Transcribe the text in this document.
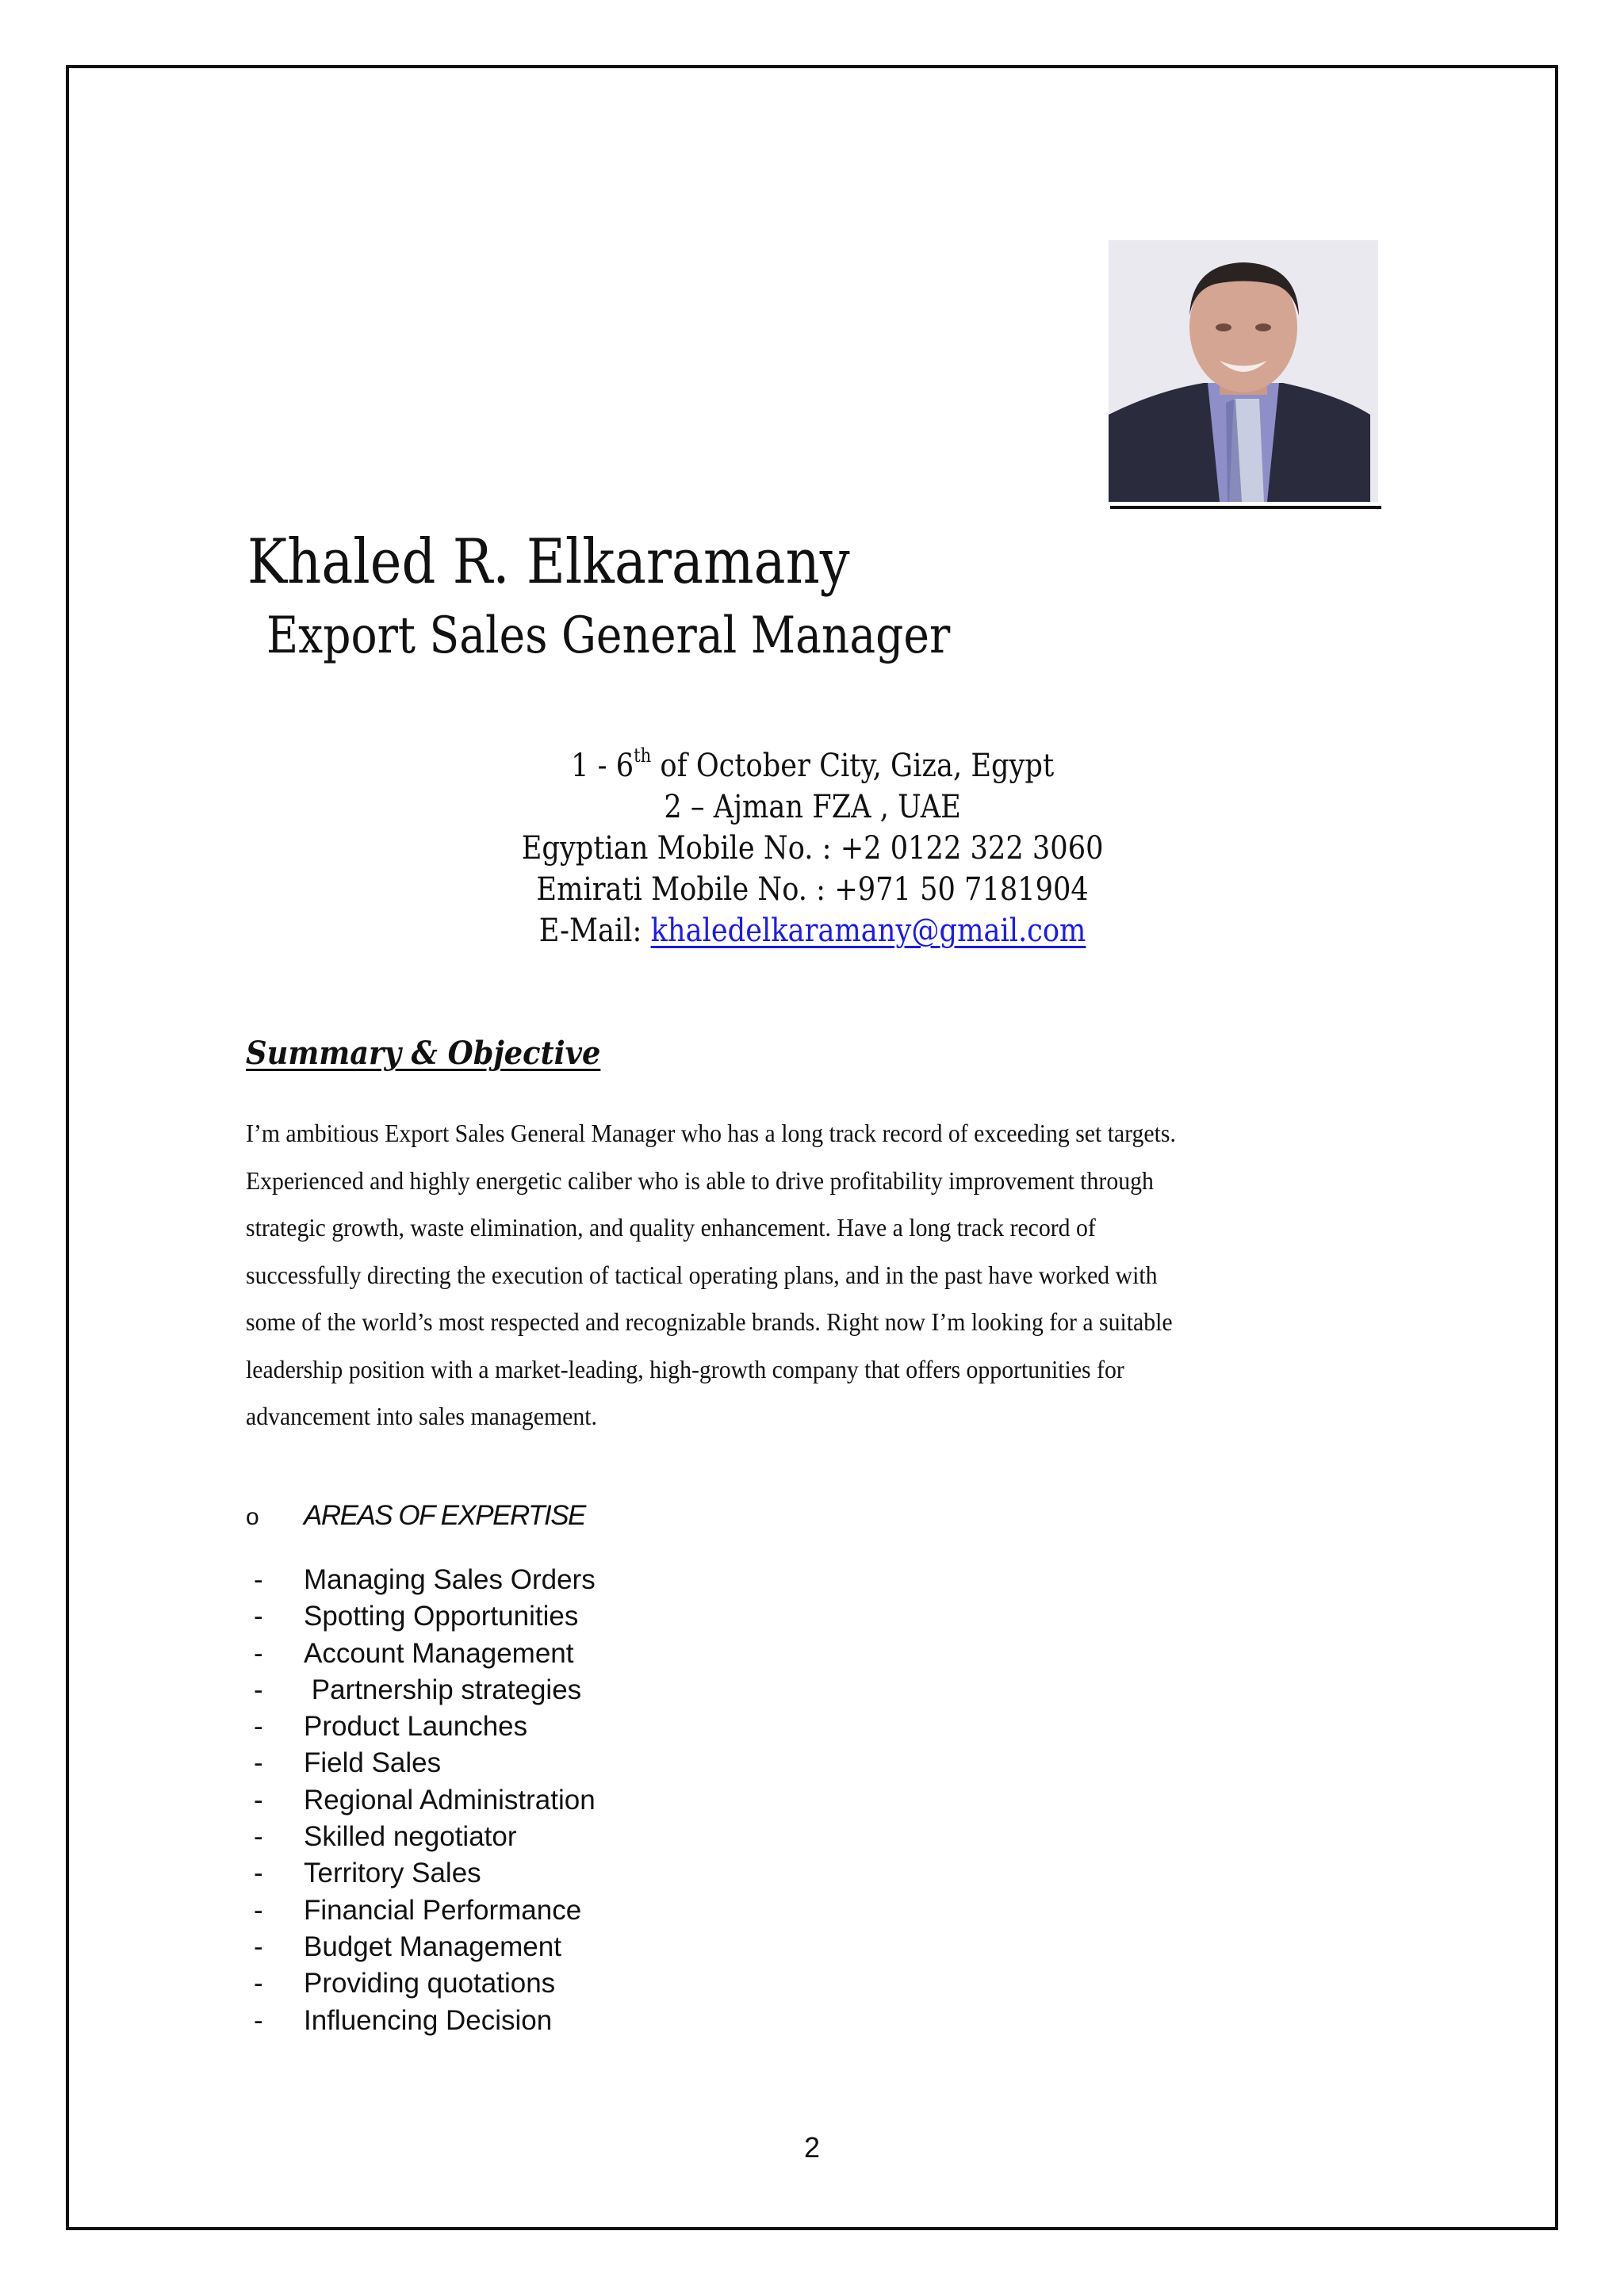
Khaled R. Elkaramany
Export Sales General Manager
1 - 6th of October City, Giza, Egypt
2 – Ajman FZA , UAE
Egyptian Mobile No. : +2 0122 322 3060
Emirati Mobile No. : +971 50 7181904
E-Mail: khaledelkaramany@gmail.com
Summary & Objective
I’m ambitious Export Sales General Manager who has a long track record of exceeding set targets.
Experienced and highly energetic caliber who is able to drive profitability improvement through
strategic growth, waste elimination, and quality enhancement. Have a long track record of
successfully directing the execution of tactical operating plans, and in the past have worked with
some of the world’s most respected and recognizable brands. Right now I’m looking for a suitable
leadership position with a market-leading, high-growth company that offers opportunities for
advancement into sales management.
o	AREAS OF EXPERTISE
-	Managing Sales Orders
-	Spotting Opportunities
-	Account Management
-	Partnership strategies
-	Product Launches
-	Field Sales
-	Regional Administration
-	Skilled negotiator
-	Territory Sales
-	Financial Performance
-	Budget Management
-	Providing quotations
-	Influencing Decision
2
